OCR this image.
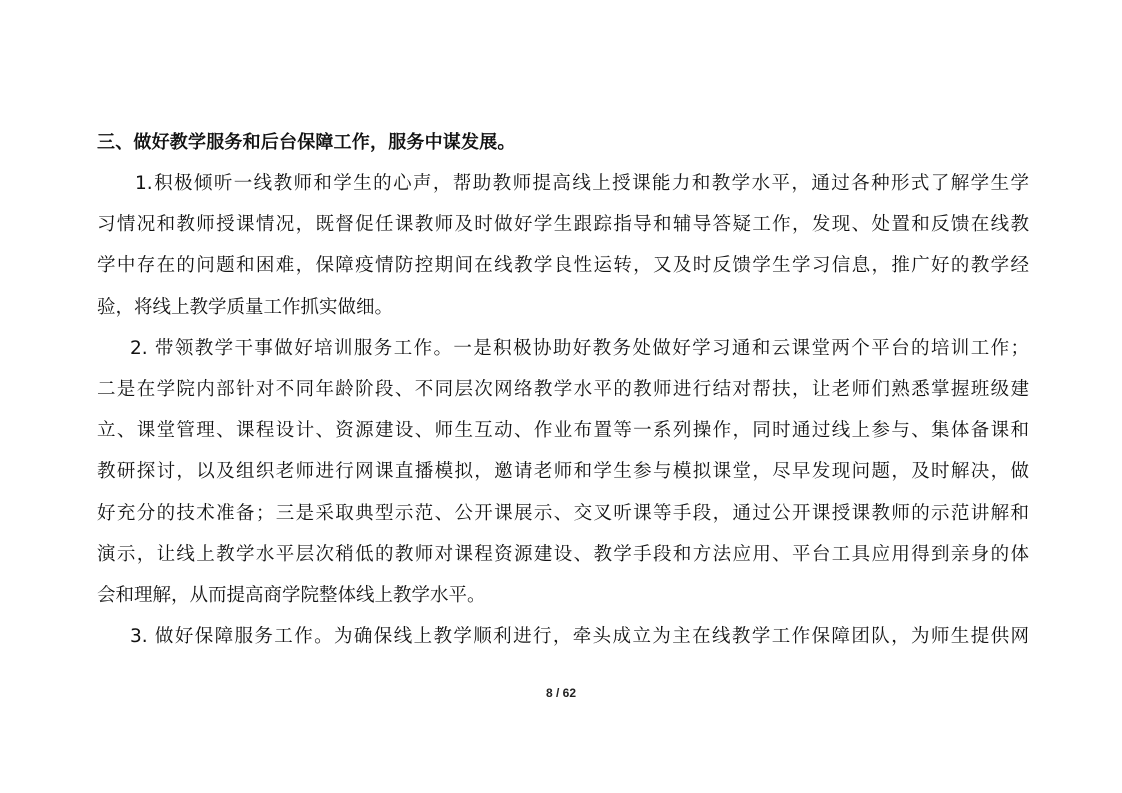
三、做好教学服务和后台保障工作，服务中谋发展。
1.积极倾听一线教师和学生的心声，帮助教师提高线上授课能力和教学水平，通过各种形式了解学生学
习情况和教师授课情况，既督促任课教师及时做好学生跟踪指导和辅导答疑工作，发现、处置和反馈在线教
学中存在的问题和困难，保障疫情防控期间在线教学良性运转，又及时反馈学生学习信息，推广好的教学经
验，将线上教学质量工作抓实做细。
2. 带领教学干事做好培训服务工作。一是积极协助好教务处做好学习通和云课堂两个平台的培训工作；
二是在学院内部针对不同年龄阶段、不同层次网络教学水平的教师进行结对帮扶，让老师们熟悉掌握班级建
立、课堂管理、课程设计、资源建设、师生互动、作业布置等一系列操作，同时通过线上参与、集体备课和
教研探讨，以及组织老师进行网课直播模拟，邀请老师和学生参与模拟课堂，尽早发现问题，及时解决，做
好充分的技术准备；三是采取典型示范、公开课展示、交叉听课等手段，通过公开课授课教师的示范讲解和
演示，让线上教学水平层次稍低的教师对课程资源建设、教学手段和方法应用、平台工具应用得到亲身的体
会和理解，从而提高商学院整体线上教学水平。
3. 做好保障服务工作。为确保线上教学顺利进行，牵头成立为主在线教学工作保障团队，为师生提供网
8 / 62
